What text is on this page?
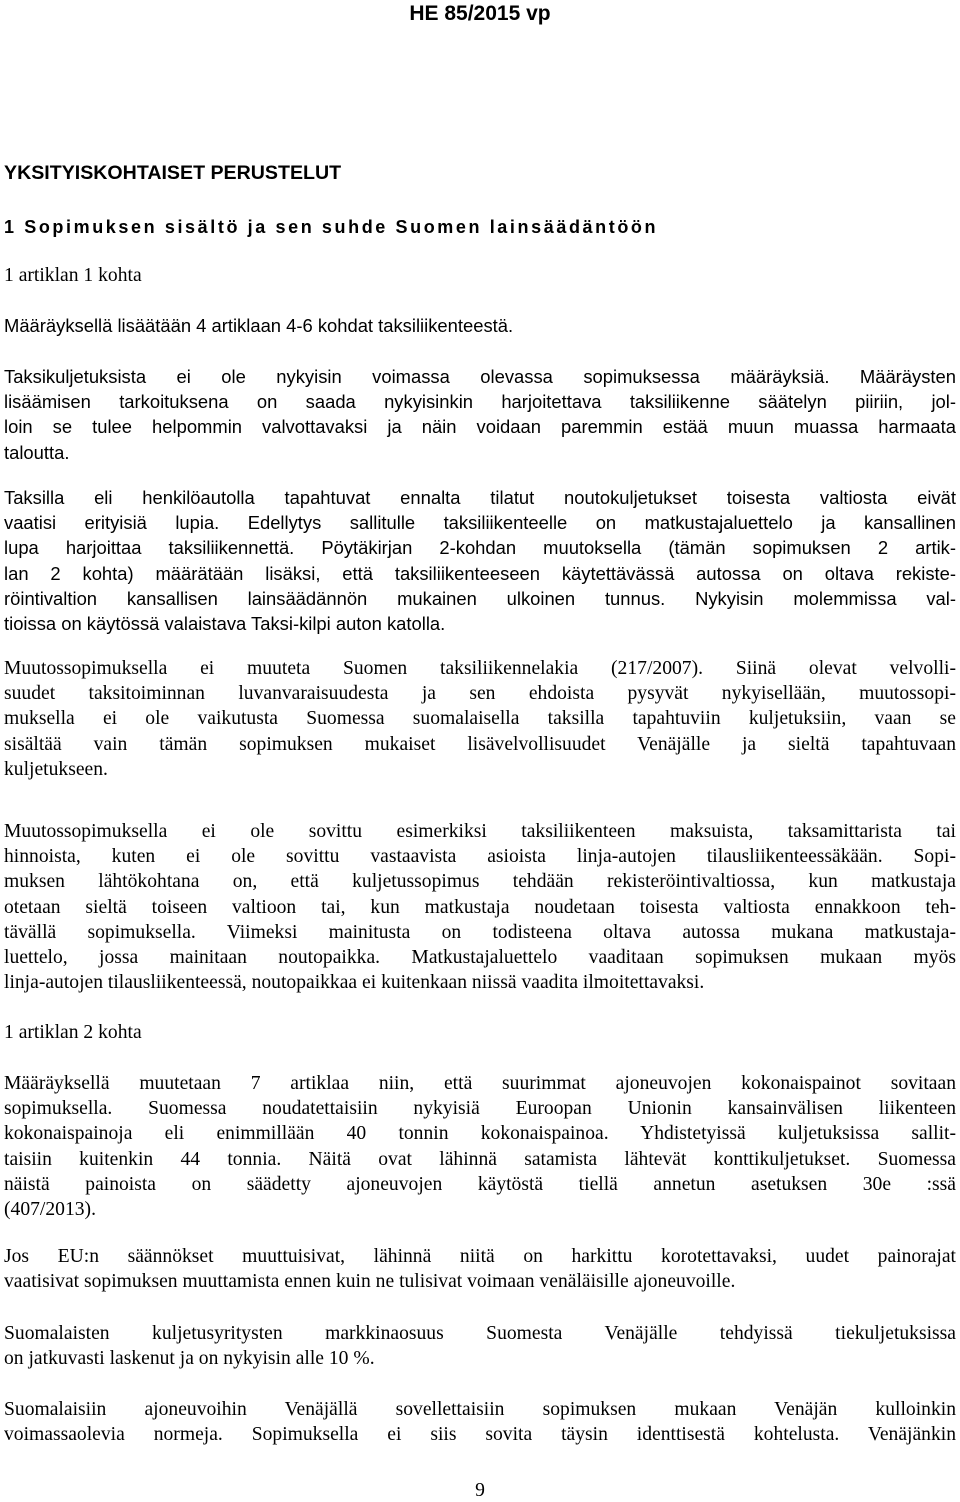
HE 85/2015 vp
YKSITYISKOHTAISET PERUSTELUT
1 Sopimuksen sisältö ja sen suhde Suomen lainsäädäntöön
1 artiklan 1 kohta
Määräyksellä lisäätään 4 artiklaan 4-6 kohdat taksiliikenteestä.
Taksikuljetuksista ei ole nykyisin voimassa olevassa sopimuksessa määräyksiä. Määräysten
lisäämisen tarkoituksena on saada nykyisinkin harjoitettava taksiliikenne säätelyn piiriin, jol-
loin se tulee helpommin valvottavaksi ja näin voidaan paremmin estää muun muassa harmaata
taloutta.
Taksilla eli henkilöautolla tapahtuvat ennalta tilatut noutokuljetukset toisesta valtiosta eivät
vaatisi erityisiä lupia. Edellytys sallitulle taksiliikenteelle on matkustajaluettelo ja kansallinen
lupa harjoittaa taksiliikennettä. Pöytäkirjan 2-kohdan muutoksella (tämän sopimuksen 2 artik-
lan 2 kohta) määrätään lisäksi, että taksiliikenteeseen käytettävässä autossa on oltava rekiste-
röintivaltion kansallisen lainsäädännön mukainen ulkoinen tunnus. Nykyisin molemmissa val-
tioissa on käytössä valaistava Taksi-kilpi auton katolla.
Muutossopimuksella ei muuteta Suomen taksiliikennelakia (217/2007). Siinä olevat velvolli-
suudet taksitoiminnan luvanvaraisuudesta ja sen ehdoista pysyvät nykyisellään, muutossopi-
muksella ei ole vaikutusta Suomessa suomalaisella taksilla tapahtuviin kuljetuksiin, vaan se
sisältää vain tämän sopimuksen mukaiset lisävelvollisuudet Venäjälle ja sieltä tapahtuvaan
kuljetukseen.
Muutossopimuksella ei ole sovittu esimerkiksi taksiliikenteen maksuista, taksamittarista tai
hinnoista, kuten ei ole sovittu vastaavista asioista linja-autojen tilausliikenteessäkään. Sopi-
muksen lähtökohtana on, että kuljetussopimus tehdään rekisteröintivaltiossa, kun matkustaja
otetaan sieltä toiseen valtioon tai, kun matkustaja noudetaan toisesta valtiosta ennakkoon teh-
tävällä sopimuksella. Viimeksi mainitusta on todisteena oltava autossa mukana matkustaja-
luettelo, jossa mainitaan noutopaikka. Matkustajaluettelo vaaditaan sopimuksen mukaan myös
linja-autojen tilausliikenteessä, noutopaikkaa ei kuitenkaan niissä vaadita ilmoitettavaksi.
1 artiklan 2 kohta
Määräyksellä muutetaan 7 artiklaa niin, että suurimmat ajoneuvojen kokonaispainot sovitaan
sopimuksella. Suomessa noudatettaisiin nykyisiä Euroopan Unionin kansainvälisen liikenteen
kokonaispainoja eli enimmillään 40 tonnin kokonaispainoa. Yhdistetyissä kuljetuksissa sallit-
taisiin kuitenkin 44 tonnia. Näitä ovat lähinnä satamista lähtevät konttikuljetukset. Suomessa
näistä painoista on säädetty ajoneuvojen käytöstä tiellä annetun asetuksen 30e :ssä
(407/2013).
Jos EU:n säännökset muuttuisivat, lähinnä niitä on harkittu korotettavaksi, uudet painorajat
vaatisivat sopimuksen muuttamista ennen kuin ne tulisivat voimaan venäläisille ajoneuvoille.
Suomalaisten kuljetusyritysten markkinaosuus Suomesta Venäjälle tehdyissä tiekuljetuksissa
on jatkuvasti laskenut ja on nykyisin alle 10 %.
Suomalaisiin ajoneuvoihin Venäjällä sovellettaisiin sopimuksen mukaan Venäjän kulloinkin
voimassaolevia normeja. Sopimuksella ei siis sovita täysin identtisestä kohtelusta. Venäjänkin
9
